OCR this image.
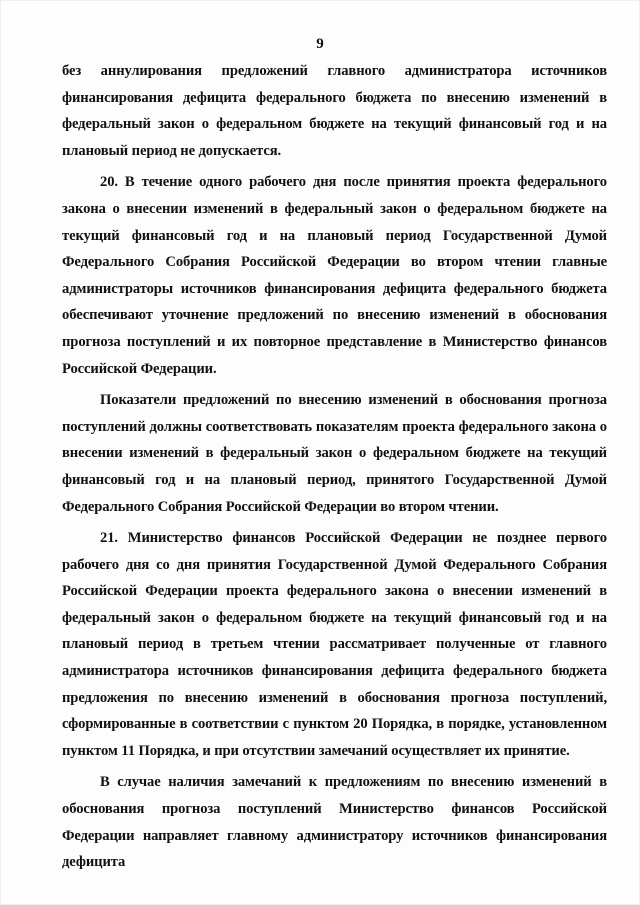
9

без аннулирования предложений главного администратора источников финансирования дефицита федерального бюджета по внесению изменений в федеральный закон о федеральном бюджете на текущий финансовый год и на плановый период не допускается.

20. В течение одного рабочего дня после принятия проекта федерального закона о внесении изменений в федеральный закон о федеральном бюджете на текущий финансовый год и на плановый период Государственной Думой Федерального Собрания Российской Федерации во втором чтении главные администраторы источников финансирования дефицита федерального бюджета обеспечивают уточнение предложений по внесению изменений в обоснования прогноза поступлений и их повторное представление в Министерство финансов Российской Федерации.

Показатели предложений по внесению изменений в обоснования прогноза поступлений должны соответствовать показателям проекта федерального закона о внесении изменений в федеральный закон о федеральном бюджете на текущий финансовый год и на плановый период, принятого Государственной Думой Федерального Собрания Российской Федерации во втором чтении.

21. Министерство финансов Российской Федерации не позднее первого рабочего дня со дня принятия Государственной Думой Федерального Собрания Российской Федерации проекта федерального закона о внесении изменений в федеральный закон о федеральном бюджете на текущий финансовый год и на плановый период в третьем чтении рассматривает полученные от главного администратора источников финансирования дефицита федерального бюджета предложения по внесению изменений в обоснования прогноза поступлений, сформированные в соответствии с пунктом 20 Порядка, в порядке, установленном пунктом 11 Порядка, и при отсутствии замечаний осуществляет их принятие.

В случае наличия замечаний к предложениям по внесению изменений в обоснования прогноза поступлений Министерство финансов Российской Федерации направляет главному администратору источников финансирования дефицита
